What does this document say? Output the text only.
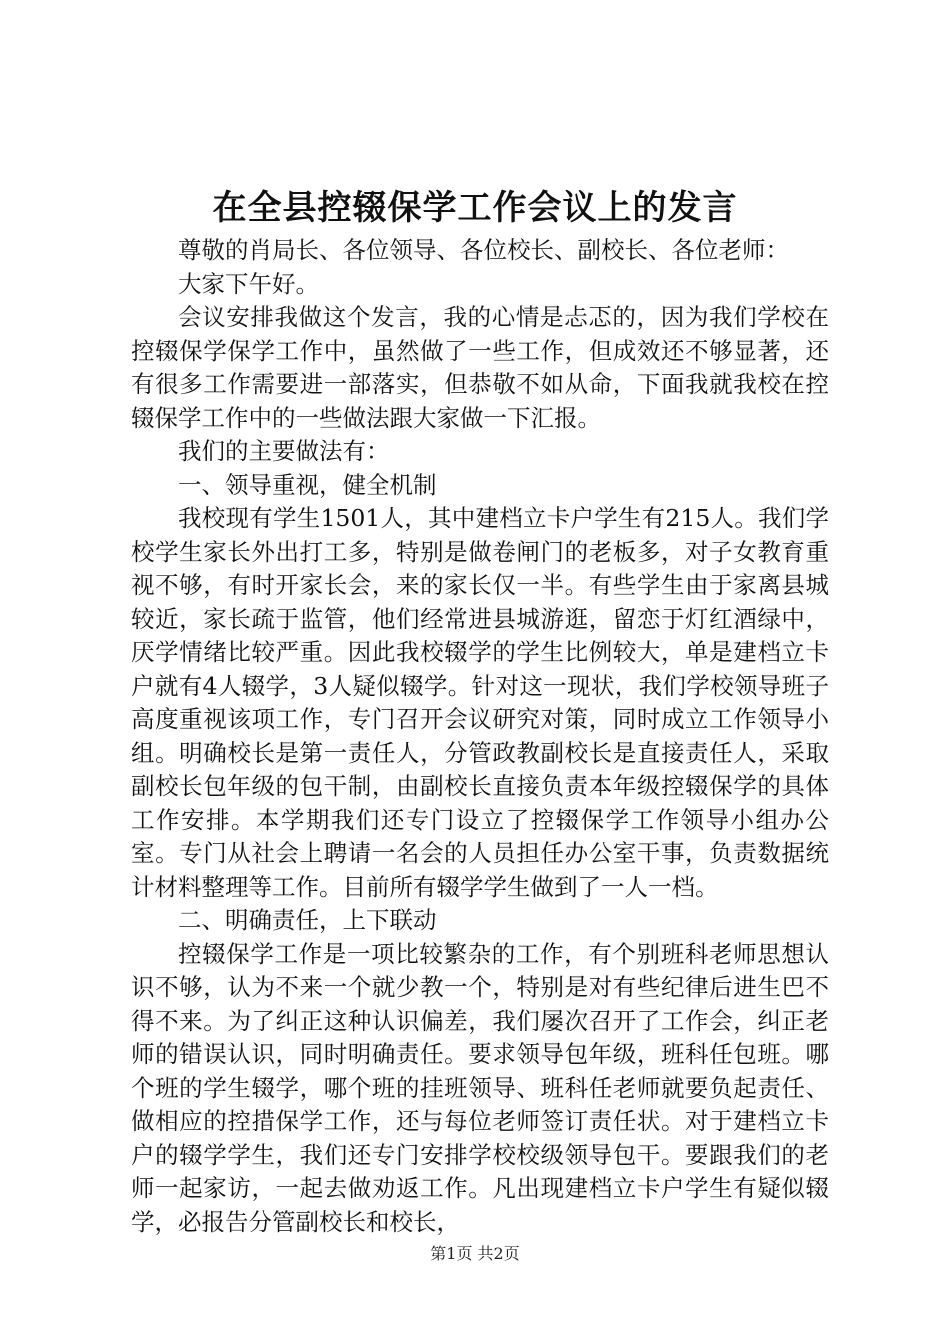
在全县控辍保学工作会议上的发言

尊敬的肖局长、各位领导、各位校长、副校长、各位老师：

大家下午好。

会议安排我做这个发言，我的心情是忐忑的，因为我们学校在控辍保学保学工作中，虽然做了一些工作，但成效还不够显著，还有很多工作需要进一部落实，但恭敬不如从命，下面我就我校在控辍保学工作中的一些做法跟大家做一下汇报。

我们的主要做法有：

一、领导重视，健全机制

我校现有学生1501人，其中建档立卡户学生有215人。我们学校学生家长外出打工多，特别是做卷闸门的老板多，对子女教育重视不够，有时开家长会，来的家长仅一半。有些学生由于家离县城较近，家长疏于监管，他们经常进县城游逛，留恋于灯红酒绿中，厌学情绪比较严重。因此我校辍学的学生比例较大，单是建档立卡户就有4人辍学，3人疑似辍学。针对这一现状，我们学校领导班子高度重视该项工作，专门召开会议研究对策，同时成立工作领导小组。明确校长是第一责任人，分管政教副校长是直接责任人，采取副校长包年级的包干制，由副校长直接负责本年级控辍保学的具体工作安排。本学期我们还专门设立了控辍保学工作领导小组办公室。专门从社会上聘请一名会的人员担任办公室干事，负责数据统计材料整理等工作。目前所有辍学学生做到了一人一档。

二、明确责任，上下联动

控辍保学工作是一项比较繁杂的工作，有个别班科老师思想认识不够，认为不来一个就少教一个，特别是对有些纪律后进生巴不得不来。为了纠正这种认识偏差，我们屡次召开了工作会，纠正老师的错误认识，同时明确责任。要求领导包年级，班科任包班。哪个班的学生辍学，哪个班的挂班领导、班科任老师就要负起责任、做相应的控措保学工作，还与每位老师签订责任状。对于建档立卡户的辍学学生，我们还专门安排学校校级领导包干。要跟我们的老师一起家访，一起去做劝返工作。凡出现建档立卡户学生有疑似辍学，必报告分管副校长和校长，

第1页 共2页
